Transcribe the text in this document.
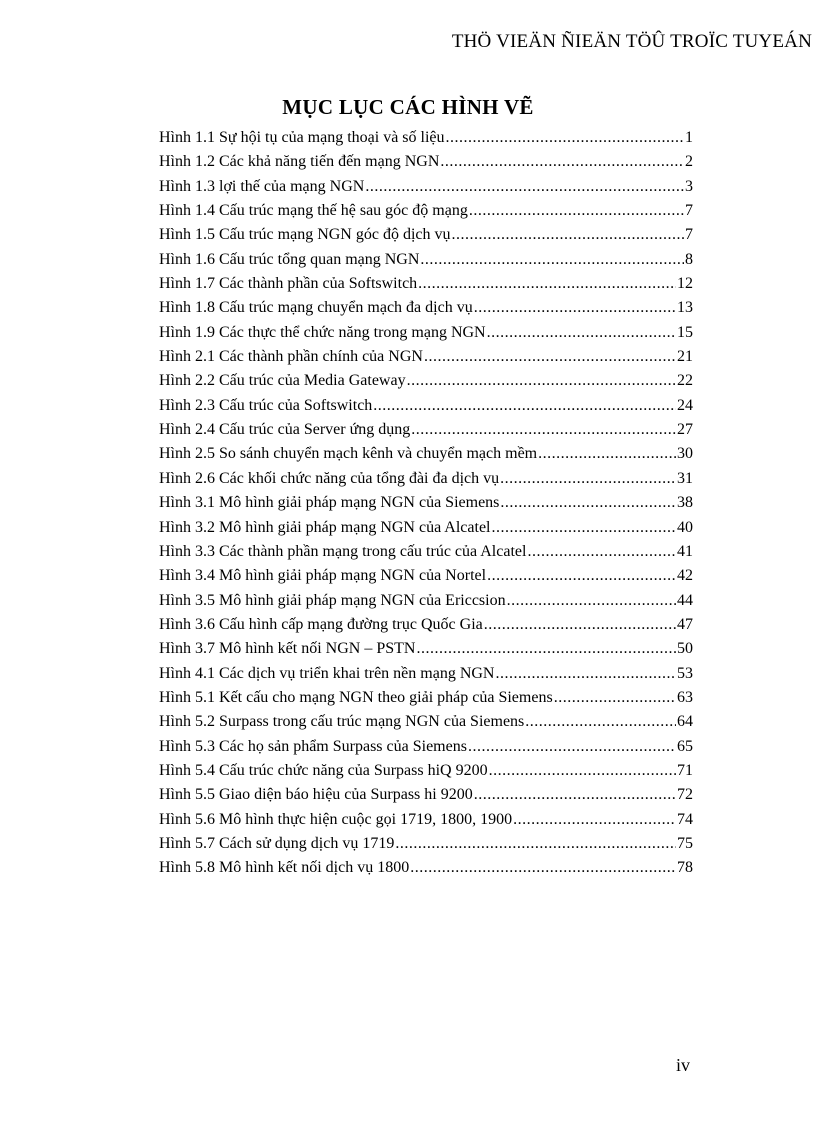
THÖ VIEÄN ÑIEÄN TÖÛ TROÏC TUYEÁN
MỤC LỤC CÁC HÌNH VẼ
Hình 1.1 Sự hội tụ của mạng thoại và số liệu .....	1
Hình 1.2 Các khả năng tiến đến mạng NGN .....	2
Hình 1.3 lợi thế của mạng NGN .....	3
Hình 1.4 Cấu trúc mạng thế hệ sau góc độ mạng .....	7
Hình 1.5 Cấu trúc mạng NGN góc độ dịch vụ .....	7
Hình 1.6 Cấu trúc tổng quan mạng NGN .....	8
Hình 1.7 Các thành phần của Softswitch .....	12
Hình 1.8 Cấu trúc mạng chuyển mạch đa dịch vụ .....	13
Hình 1.9 Các thực thể chức năng trong mạng NGN .....	15
Hình 2.1 Các thành phần chính của NGN .....	21
Hình 2.2 Cấu trúc của Media Gateway .....	22
Hình 2.3 Cấu trúc của Softswitch .....	24
Hình 2.4 Cấu trúc của Server ứng dụng .....	27
Hình 2.5 So sánh chuyển mạch kênh và chuyển mạch mềm .....	30
Hình 2.6 Các khối chức năng của tổng đài đa dịch vụ .....	31
Hình 3.1 Mô hình giải pháp mạng NGN của Siemens .....	38
Hình 3.2 Mô hình giải pháp mạng NGN của Alcatel .....	40
Hình 3.3 Các thành phần mạng trong cấu trúc của Alcatel .....	41
Hình 3.4 Mô hình giải pháp mạng NGN của Nortel .....	42
Hình 3.5 Mô hình giải pháp mạng NGN của Ericcsion .....	44
Hình 3.6 Cấu hình cấp mạng đường trục Quốc Gia .....	47
Hình 3.7 Mô hình kết nối NGN – PSTN .....	50
Hình 4.1 Các dịch vụ triển khai trên nền mạng NGN .....	53
Hình 5.1 Kết cấu cho mạng NGN theo giải pháp của Siemens .....	63
Hình 5.2 Surpass trong cấu trúc mạng NGN của Siemens .....	64
Hình 5.3 Các họ sản phẩm Surpass của Siemens .....	65
Hình 5.4 Cấu trúc chức năng của Surpass hiQ 9200 .....	71
Hình 5.5 Giao diện báo hiệu của Surpass hi 9200 .....	72
Hình 5.6 Mô hình thực hiện cuộc gọi 1719, 1800, 1900 .....	74
Hình 5.7 Cách sử dụng dịch vụ 1719 .....	75
Hình 5.8 Mô hình kết nối dịch vụ 1800 .....	78
iv
